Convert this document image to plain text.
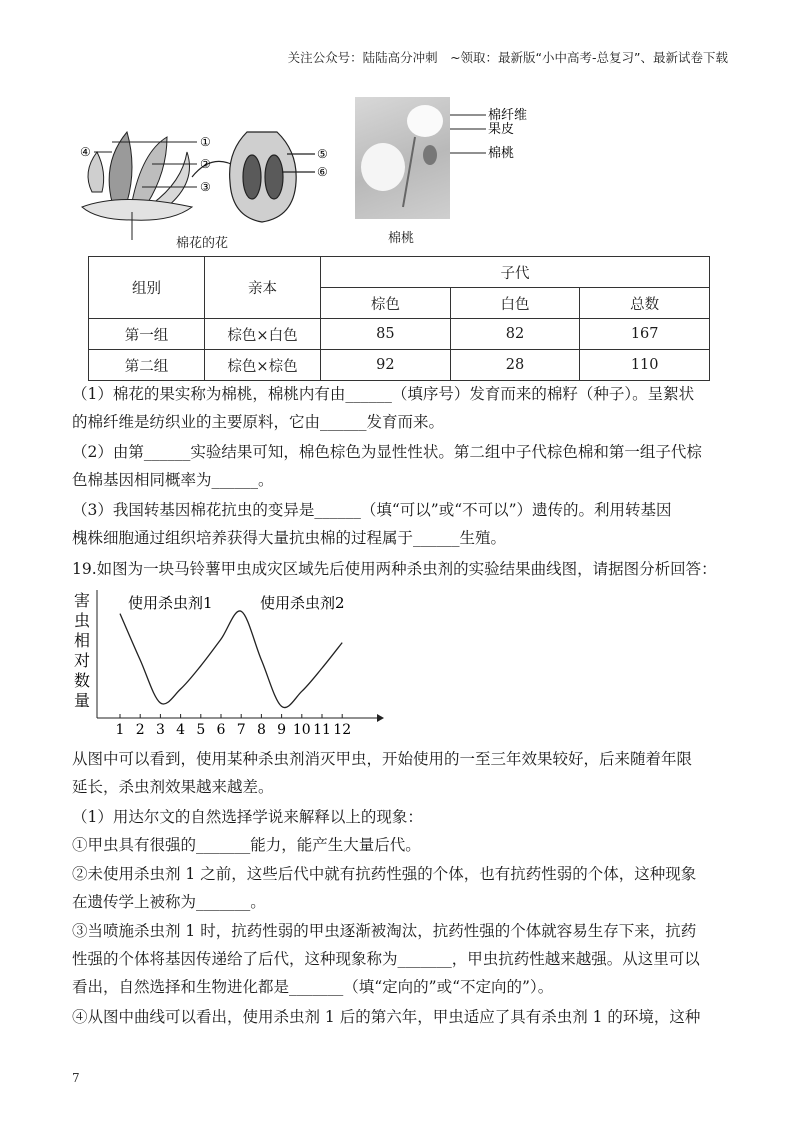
关注公众号：陆陆高分冲刺　~领取：最新版“小中高考-总复习”、最新试卷下载
①
②
③
④	⑤
⑥
棉花的花
棉纤维
果皮
棉桃
棉桃
组别	亲本	子代		
		棕色	白色	总数
第一组	棕色×白色	85	82	167
第二组	棕色×棕色	92	28	110
（1）棉花的果实称为棉桃，棉桃内有由______（填序号）发育而来的棉籽（种子）。呈絮状
的棉纤维是纺织业的主要原料，它由______发育而来。
（2）由第______实验结果可知，棉色棕色为显性性状。第二组中子代棕色棉和第一组子代棕
色棉基因相同概率为______。
（3）我国转基因棉花抗虫的变异是______（填“可以”或“不可以”）遗传的。利用转基因
槐株细胞通过组织培养获得大量抗虫棉的过程属于______生殖。
19.如图为一块马铃薯甲虫成灾区域先后使用两种杀虫剂的实验结果曲线图，请据图分析回答：
害
虫
相
对
数
量
1 2 3 4 5 6 7 8 9 10 11 12
使用杀虫剂1	使用杀虫剂2
从图中可以看到，使用某种杀虫剂消灭甲虫，开始使用的一至三年效果较好，后来随着年限
延长，杀虫剂效果越来越差。
（1）用达尔文的自然选择学说来解释以上的现象：
①甲虫具有很强的_______能力，能产生大量后代。
②未使用杀虫剂 1 之前，这些后代中就有抗药性强的个体，也有抗药性弱的个体，这种现象
在遗传学上被称为_______。
③当喷施杀虫剂 1 时，抗药性弱的甲虫逐渐被淘汰，抗药性强的个体就容易生存下来，抗药
性强的个体将基因传递给了后代，这种现象称为_______，甲虫抗药性越来越强。从这里可以
看出，自然选择和生物进化都是_______（填“定向的”或“不定向的”）。
④从图中曲线可以看出，使用杀虫剂 1 后的第六年，甲虫适应了具有杀虫剂 1 的环境，这种
7
